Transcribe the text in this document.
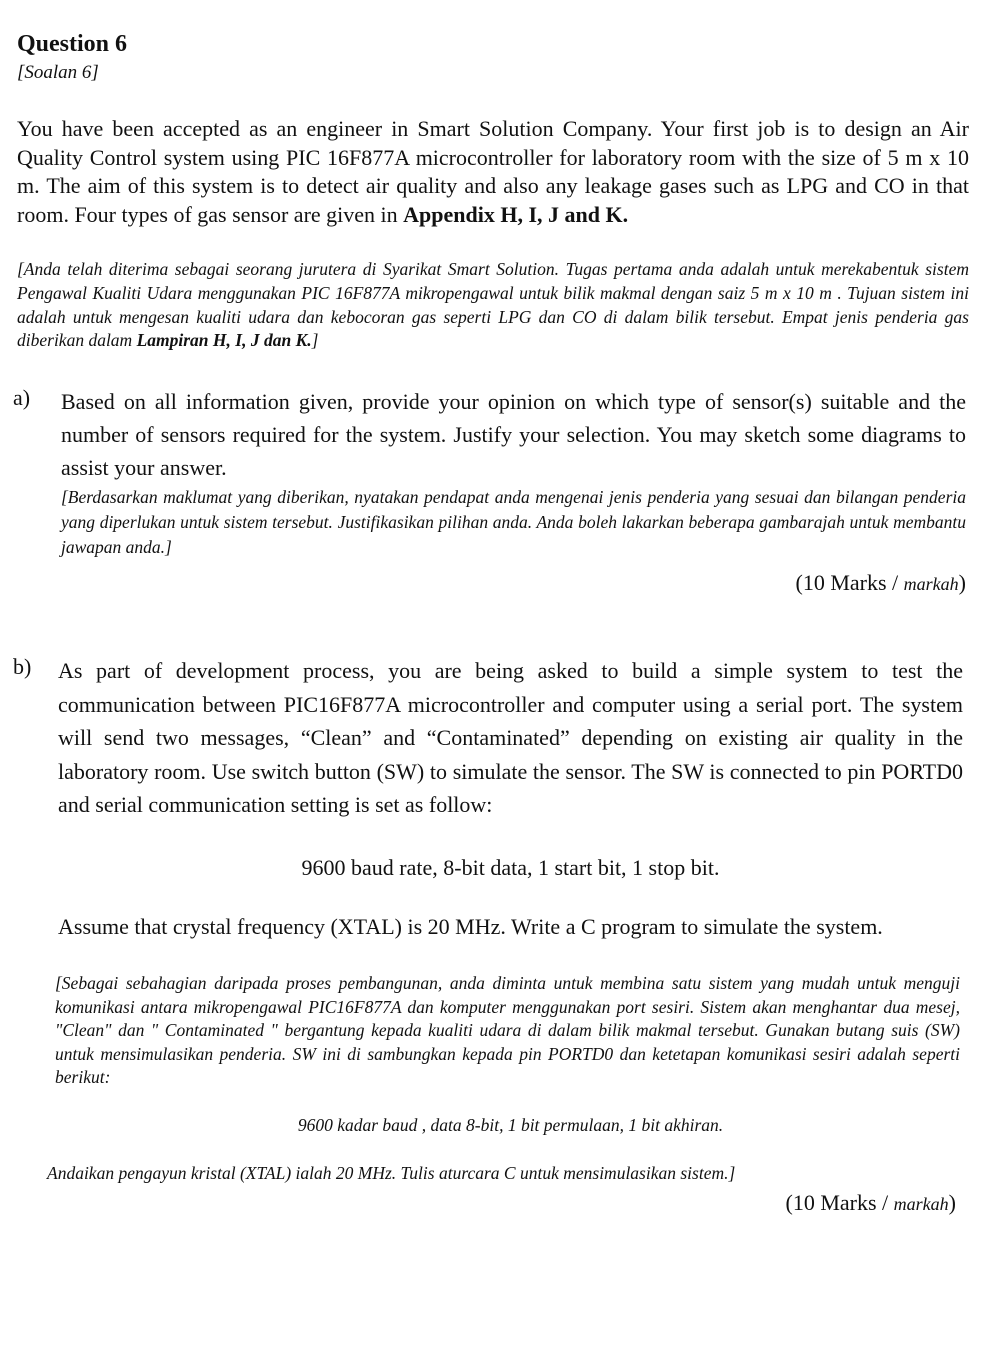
Question 6
[Soalan 6]
You have been accepted as an engineer in Smart Solution Company. Your first job is to design an Air Quality Control system using PIC 16F877A microcontroller for laboratory room with the size of 5 m x 10 m. The aim of this system is to detect air quality and also any leakage gases such as LPG and CO in that room. Four types of gas sensor are given in Appendix H, I, J and K.
[Anda telah diterima sebagai seorang jurutera di Syarikat Smart Solution. Tugas pertama anda adalah untuk merekabentuk sistem Pengawal Kualiti Udara menggunakan PIC 16F877A mikropengawal untuk bilik makmal dengan saiz 5 m x 10 m . Tujuan sistem ini adalah untuk mengesan kualiti udara dan kebocoran gas seperti LPG dan CO di dalam bilik tersebut. Empat jenis penderia gas diberikan dalam Lampiran H, I, J dan K.]
a) Based on all information given, provide your opinion on which type of sensor(s) suitable and the number of sensors required for the system. Justify your selection. You may sketch some diagrams to assist your answer.
[Berdasarkan maklumat yang diberikan, nyatakan pendapat anda mengenai jenis penderia yang sesuai dan bilangan penderia yang diperlukan untuk sistem tersebut. Justifikasikan pilihan anda. Anda boleh lakarkan beberapa gambarajah untuk membantu jawapan anda.]
(10 Marks / markah)
b) As part of development process, you are being asked to build a simple system to test the communication between PIC16F877A microcontroller and computer using a serial port. The system will send two messages, “Clean” and “Contaminated” depending on existing air quality in the laboratory room. Use switch button (SW) to simulate the sensor. The SW is connected to pin PORTD0 and serial communication setting is set as follow:
9600 baud rate, 8-bit data, 1 start bit, 1 stop bit.
Assume that crystal frequency (XTAL) is 20 MHz. Write a C program to simulate the system.
[Sebagai sebahagian daripada proses pembangunan, anda diminta untuk membina satu sistem yang mudah untuk menguji komunikasi antara mikropengawal PIC16F877A dan komputer menggunakan port sesiri. Sistem akan menghantar dua mesej, "Clean" dan " Contaminated " bergantung kepada kualiti udara di dalam bilik makmal tersebut. Gunakan butang suis (SW) untuk mensimulasikan penderia. SW ini di sambungkan kepada pin PORTD0 dan ketetapan komunikasi sesiri adalah seperti berikut:
9600 kadar baud , data 8-bit, 1 bit permulaan, 1 bit akhiran.
Andaikan pengayun kristal (XTAL) ialah 20 MHz. Tulis aturcara C untuk mensimulasikan sistem.]
(10 Marks / markah)
